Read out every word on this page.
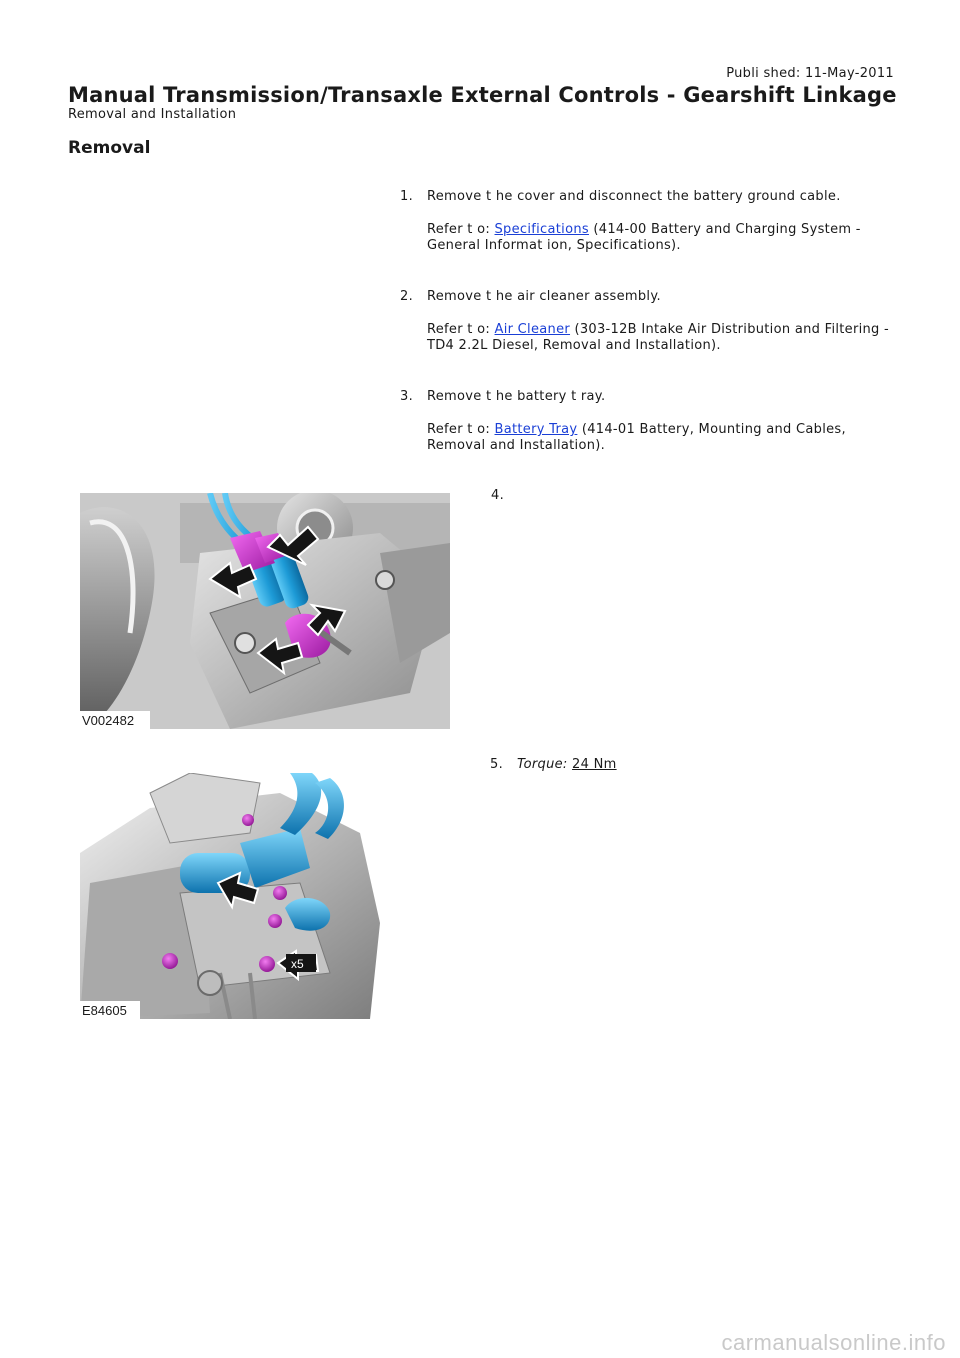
Publi shed: 11-May-2011
Manual Transmission/Transaxle External Controls - Gearshift Linkage
Removal and Installation
Removal
1. Remove t he cover and disconnect the battery ground cable.
Refer t o: Specifications (414-00 Battery and Charging System - General Informat ion, Specifications).
2. Remove t he air cleaner assembly.
Refer t o: Air Cleaner (303-12B Intake Air Distribution and Filtering - TD4 2.2L Diesel, Removal and Installation).
3. Remove t he battery t ray.
Refer t o: Battery Tray (414-01 Battery, Mounting and Cables, Removal and Installation).
4.
5. Torque: 24 Nm
V002482
x5
E84605
carmanualsonline.info
